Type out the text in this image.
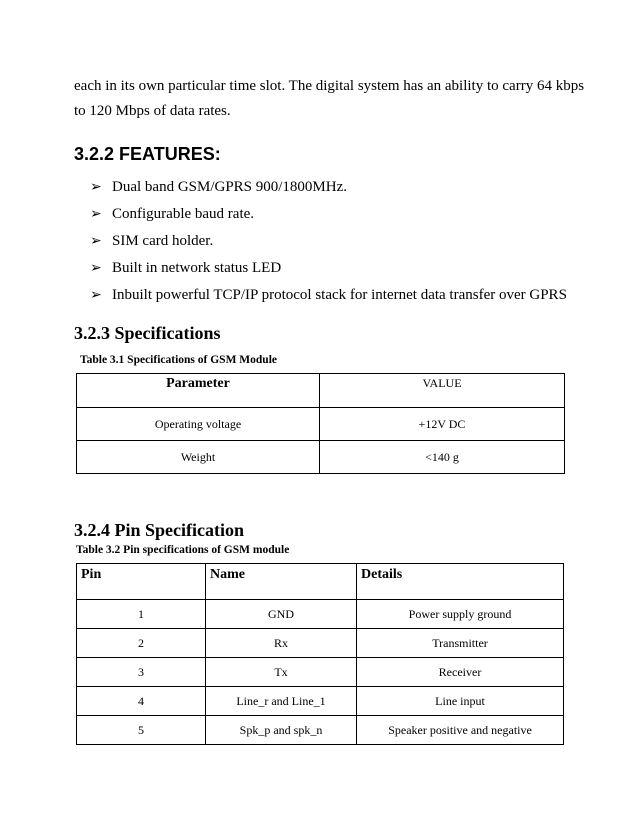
each in its own particular time slot. The digital system has an ability to carry 64 kbps
to 120 Mbps of data rates.
3.2.2 FEATURES:
➢ Dual band GSM/GPRS 900/1800MHz.
➢ Configurable baud rate.
➢ SIM card holder.
➢ Built in network status LED
➢ Inbuilt powerful TCP/IP protocol stack for internet data transfer over GPRS
3.2.3 Specifications
Table 3.1 Specifications of GSM Module
Parameter	VALUE
Operating voltage	+12V DC
Weight	<140 g
3.2.4 Pin Specification
Table 3.2 Pin specifications of GSM module
Pin	Name	Details
1	GND	Power supply ground
2	Rx	Transmitter
3	Tx	Receiver
4	Line_r and Line_1	Line input
5	Spk_p and spk_n	Speaker positive and negative
